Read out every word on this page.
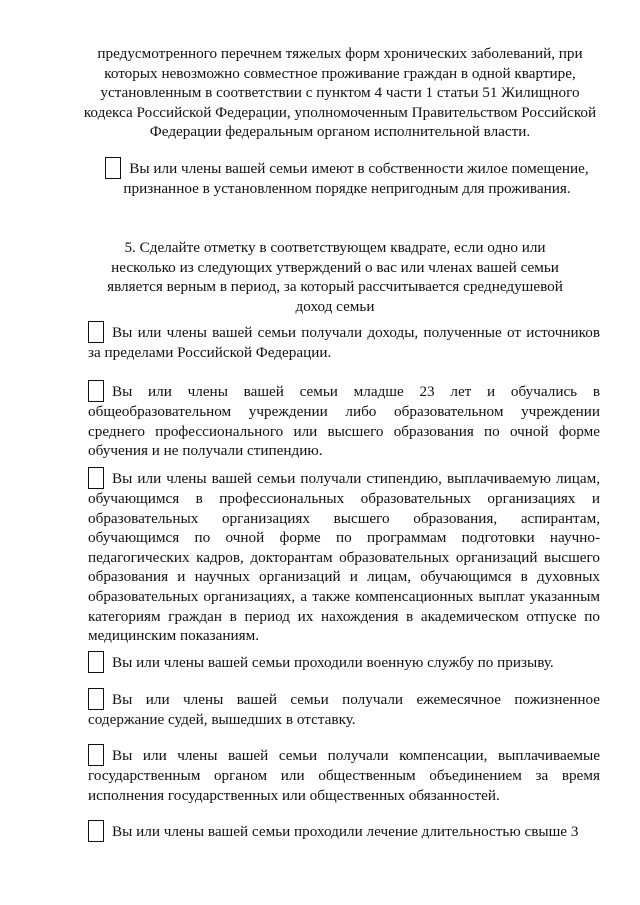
предусмотренного перечнем тяжелых форм хронических заболеваний, при которых невозможно совместное проживание граждан в одной квартире, установленным в соответствии с пунктом 4 части 1 статьи 51 Жилищного кодекса Российской Федерации, уполномоченным Правительством Российской Федерации федеральным органом исполнительной власти.
Вы или члены вашей семьи имеют в собственности жилое помещение, признанное в установленном порядке непригодным для проживания.
5. Сделайте отметку в соответствующем квадрате, если одно или несколько из следующих утверждений о вас или членах вашей семьи является верным в период, за который рассчитывается среднедушевой доход семьи
Вы или члены вашей семьи получали доходы, полученные от источников за пределами Российской Федерации.
Вы или члены вашей семьи младше 23 лет и обучались в общеобразовательном учреждении либо образовательном учреждении среднего профессионального или высшего образования по очной форме обучения и не получали стипендию.
Вы или члены вашей семьи получали стипендию, выплачиваемую лицам, обучающимся в профессиональных образовательных организациях и образовательных организациях высшего образования, аспирантам, обучающимся по очной форме по программам подготовки научно-педагогических кадров, докторантам образовательных организаций высшего образования и научных организаций и лицам, обучающимся в духовных образовательных организациях, а также компенсационных выплат указанным категориям граждан в период их нахождения в академическом отпуске по медицинским показаниям.
Вы или члены вашей семьи проходили военную службу по призыву.
Вы или члены вашей семьи получали ежемесячное пожизненное содержание судей, вышедших в отставку.
Вы или члены вашей семьи получали компенсации, выплачиваемые государственным органом или общественным объединением за время исполнения государственных или общественных обязанностей.
Вы или члены вашей семьи проходили лечение длительностью свыше 3
